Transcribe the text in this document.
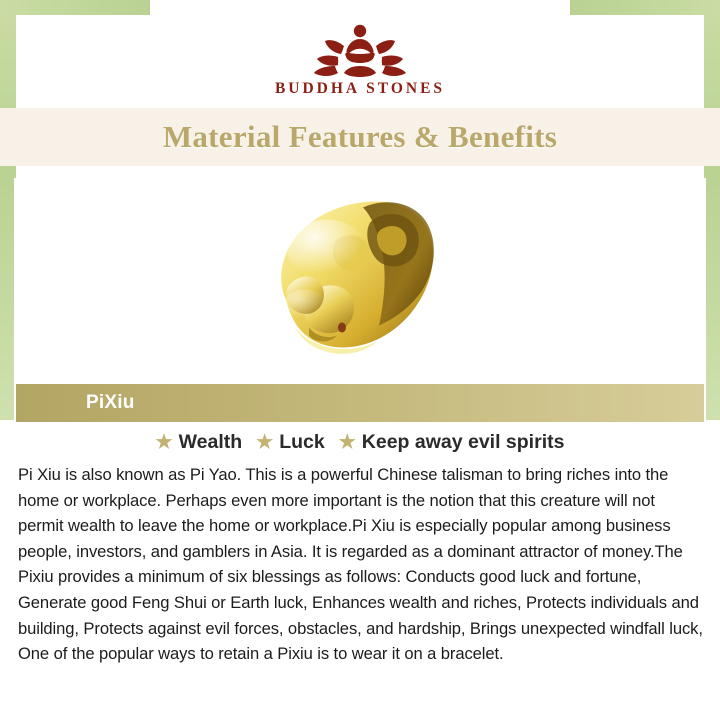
BUDDHA STONES
Material Features & Benefits
PiXiu
★ Wealth ★ Luck ★ Keep away evil spirits
Pi Xiu is also known as Pi Yao. This is a powerful Chinese talisman to bring riches into the home or workplace. Perhaps even more important is the notion that this creature will not permit wealth to leave the home or workplace.Pi Xiu is especially popular among business people, investors, and gamblers in Asia. It is regarded as a dominant attractor of money.The Pixiu provides a minimum of six blessings as follows: Conducts good luck and fortune, Generate good Feng Shui or Earth luck, Enhances wealth and riches, Protects individuals and building, Protects against evil forces, obstacles, and hardship, Brings unexpected windfall luck, One of the popular ways to retain a Pixiu is to wear it on a bracelet.
